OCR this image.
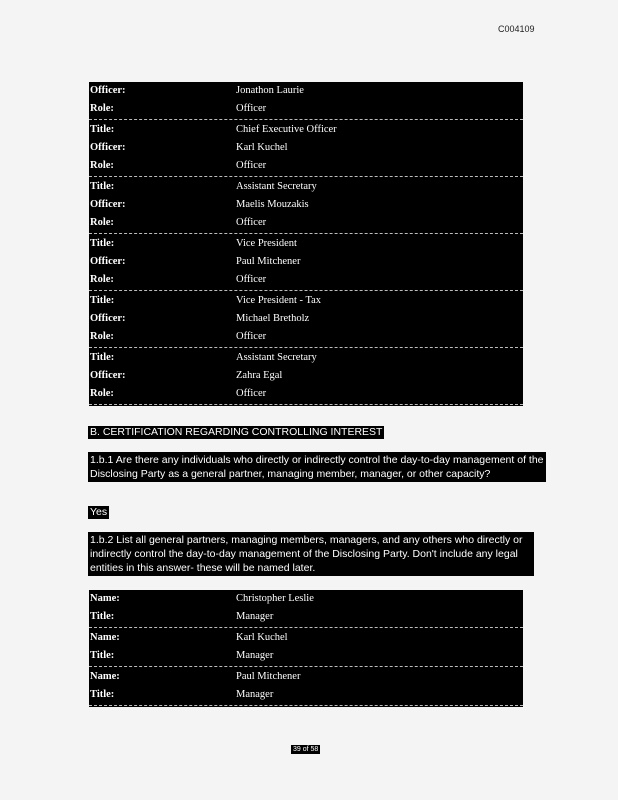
C004109
Officer:	Jonathon Laurie
Role:	Officer
Title:	Chief Executive Officer
Officer:	Karl Kuchel
Role:	Officer
Title:	Assistant Secretary
Officer:	Maelis Mouzakis
Role:	Officer
Title:	Vice President
Officer:	Paul Mitchener
Role:	Officer
Title:	Vice President - Tax
Officer:	Michael Bretholz
Role:	Officer
Title:	Assistant Secretary
Officer:	Zahra Egal
Role:	Officer
B. CERTIFICATION REGARDING CONTROLLING INTEREST
1.b.1 Are there any individuals who directly or indirectly control the day-to-day management of the Disclosing Party as a general partner, managing member, manager, or other capacity?
Yes
1.b.2 List all general partners, managing members, managers, and any others who directly or indirectly control the day-to-day management of the Disclosing Party. Don't include any legal entities in this answer- these will be named later.
Name:	Christopher Leslie
Title:	Manager
Name:	Karl Kuchel
Title:	Manager
Name:	Paul Mitchener
Title:	Manager
39 of 58
